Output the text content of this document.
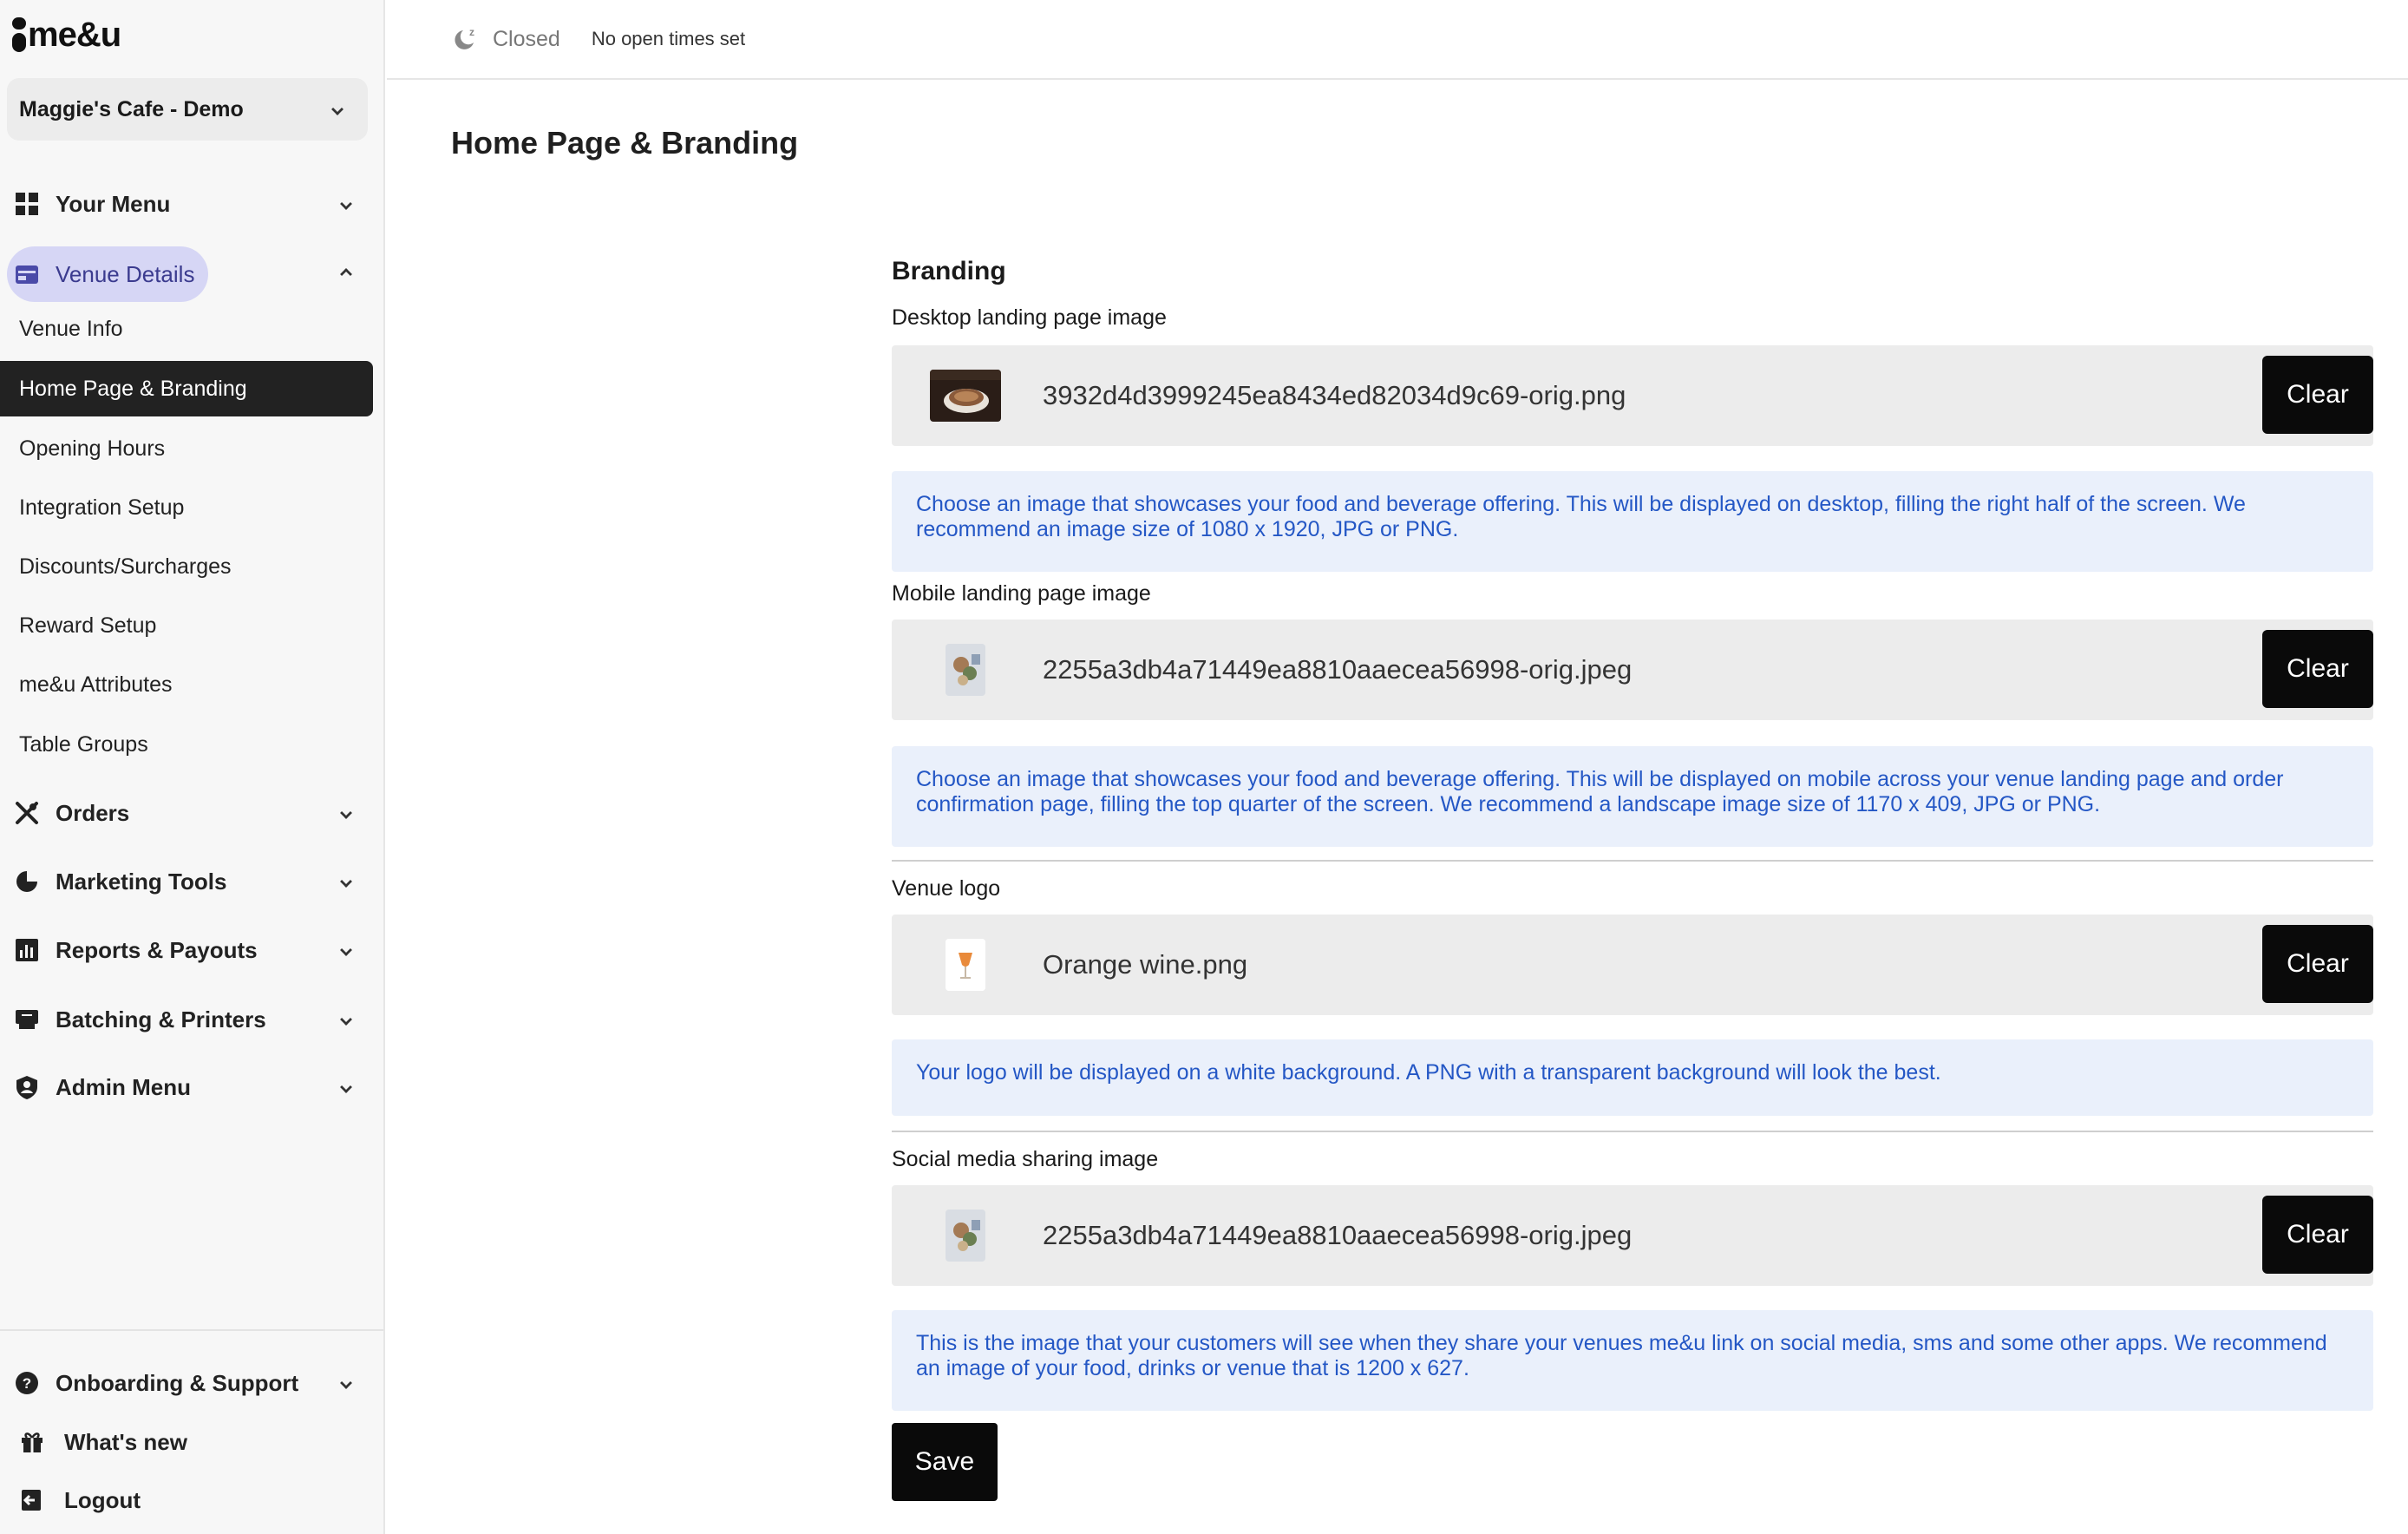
me&u
Maggie's Cafe - Demo
Your Menu
Venue Details
Venue Info
Home Page & Branding
Opening Hours
Integration Setup
Discounts/Surcharges
Reward Setup
me&u Attributes
Table Groups
Orders
Marketing Tools
Reports & Payouts
Batching & Printers
Admin Menu
? Onboarding & Support
What's new
Logout
z Closed No open times set
Home Page & Branding
Branding
Desktop landing page image
3932d4d3999245ea8434ed82034d9c69-orig.png	Clear
Choose an image that showcases your food and beverage offering. This will be displayed on desktop, filling the right half of the screen. We recommend an image size of 1080 x 1920, JPG or PNG.
Mobile landing page image
2255a3db4a71449ea8810aaecea56998-orig.jpeg	Clear
Choose an image that showcases your food and beverage offering. This will be displayed on mobile across your venue landing page and order confirmation page, filling the top quarter of the screen. We recommend a landscape image size of 1170 x 409, JPG or PNG.
Venue logo
Orange wine.png	Clear
Your logo will be displayed on a white background. A PNG with a transparent background will look the best.
Social media sharing image
2255a3db4a71449ea8810aaecea56998-orig.jpeg	Clear
This is the image that your customers will see when they share your venues me&u link on social media, sms and some other apps. We recommend an image of your food, drinks or venue that is 1200 x 627.
Save
